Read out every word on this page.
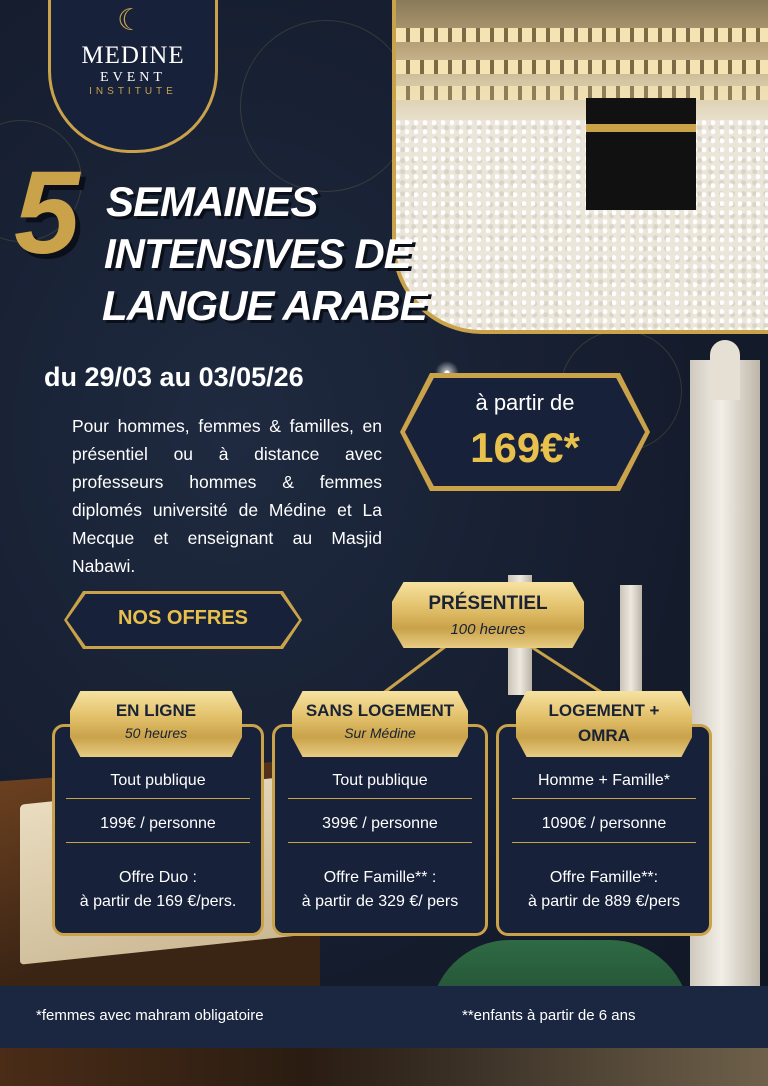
☾
MEDINE
EVENT
INSTITUTE
5 SEMAINES
INTENSIVES DE
LANGUE ARABE
du 29/03 au 03/05/26
Pour hommes, femmes & familles, en présentiel ou à distance avec professeurs hommes & femmes diplomés université de Médine et La Mecque et enseignant au Masjid Nabawi.
à partir de
169€*
NOS OFFRES
PRÉSENTIEL
100 heures
EN LIGNE
50 heures
Tout publique
199€ / personne
Offre Duo :
à partir de 169 €/pers.
SANS LOGEMENT
Sur Médine
Tout publique
399€ / personne
Offre Famille** :
à partir de 329 €/ pers
LOGEMENT +
OMRA
Homme + Famille*
1090€ / personne
Offre Famille**:
à partir de 889 €/pers
*femmes avec mahram obligatoire	**enfants à partir de 6 ans
